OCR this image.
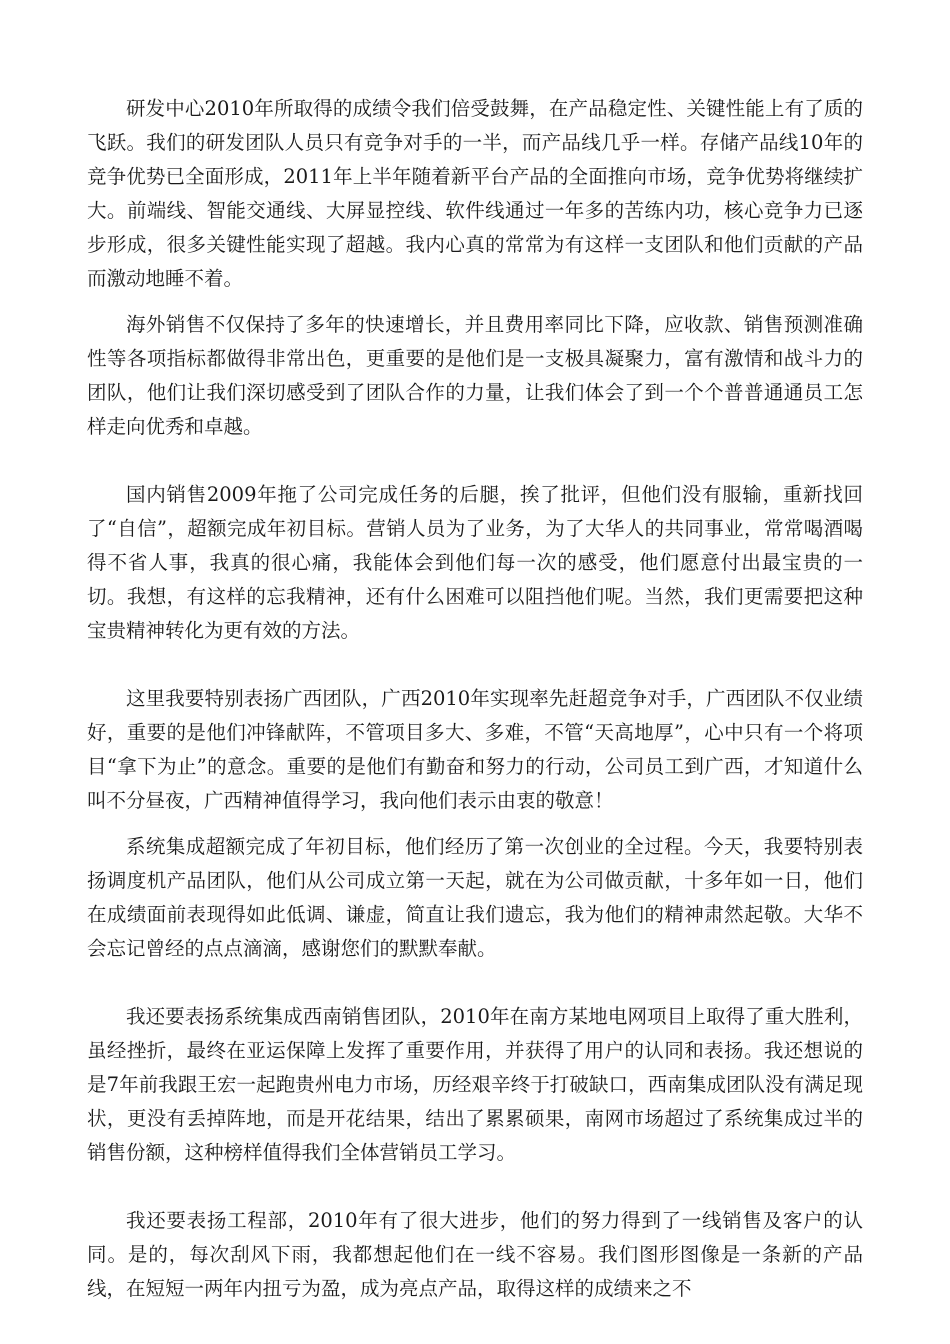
研发中心2010年所取得的成绩令我们倍受鼓舞，在产品稳定性、关键性能上有了质的飞跃。我们的研发团队人员只有竞争对手的一半，而产品线几乎一样。存储产品线10年的竞争优势已全面形成，2011年上半年随着新平台产品的全面推向市场，竞争优势将继续扩大。前端线、智能交通线、大屏显控线、软件线通过一年多的苦练内功，核心竞争力已逐步形成，很多关键性能实现了超越。我内心真的常常为有这样一支团队和他们贡献的产品而激动地睡不着。

海外销售不仅保持了多年的快速增长，并且费用率同比下降，应收款、销售预测准确性等各项指标都做得非常出色，更重要的是他们是一支极具凝聚力，富有激情和战斗力的团队，他们让我们深切感受到了团队合作的力量，让我们体会了到一个个普普通通员工怎样走向优秀和卓越。

国内销售2009年拖了公司完成任务的后腿，挨了批评，但他们没有服输，重新找回了“自信”，超额完成年初目标。营销人员为了业务，为了大华人的共同事业，常常喝酒喝得不省人事，我真的很心痛，我能体会到他们每一次的感受，他们愿意付出最宝贵的一切。我想，有这样的忘我精神，还有什么困难可以阻挡他们呢。当然，我们更需要把这种宝贵精神转化为更有效的方法。

这里我要特别表扬广西团队，广西2010年实现率先赶超竞争对手，广西团队不仅业绩好，重要的是他们冲锋献阵，不管项目多大、多难，不管“天高地厚”，心中只有一个将项目“拿下为止”的意念。重要的是他们有勤奋和努力的行动，公司员工到广西，才知道什么叫不分昼夜，广西精神值得学习，我向他们表示由衷的敬意！

系统集成超额完成了年初目标，他们经历了第一次创业的全过程。今天，我要特别表扬调度机产品团队，他们从公司成立第一天起，就在为公司做贡献，十多年如一日，他们在成绩面前表现得如此低调、谦虚，简直让我们遗忘，我为他们的精神肃然起敬。大华不会忘记曾经的点点滴滴，感谢您们的默默奉献。

我还要表扬系统集成西南销售团队，2010年在南方某地电网项目上取得了重大胜利，虽经挫折，最终在亚运保障上发挥了重要作用，并获得了用户的认同和表扬。我还想说的是7年前我跟王宏一起跑贵州电力市场，历经艰辛终于打破缺口，西南集成团队没有满足现状，更没有丢掉阵地，而是开花结果，结出了累累硕果，南网市场超过了系统集成过半的销售份额，这种榜样值得我们全体营销员工学习。

我还要表扬工程部，2010年有了很大进步，他们的努力得到了一线销售及客户的认同。是的，每次刮风下雨，我都想起他们在一线不容易。我们图形图像是一条新的产品线，在短短一两年内扭亏为盈，成为亮点产品，取得这样的成绩来之不
